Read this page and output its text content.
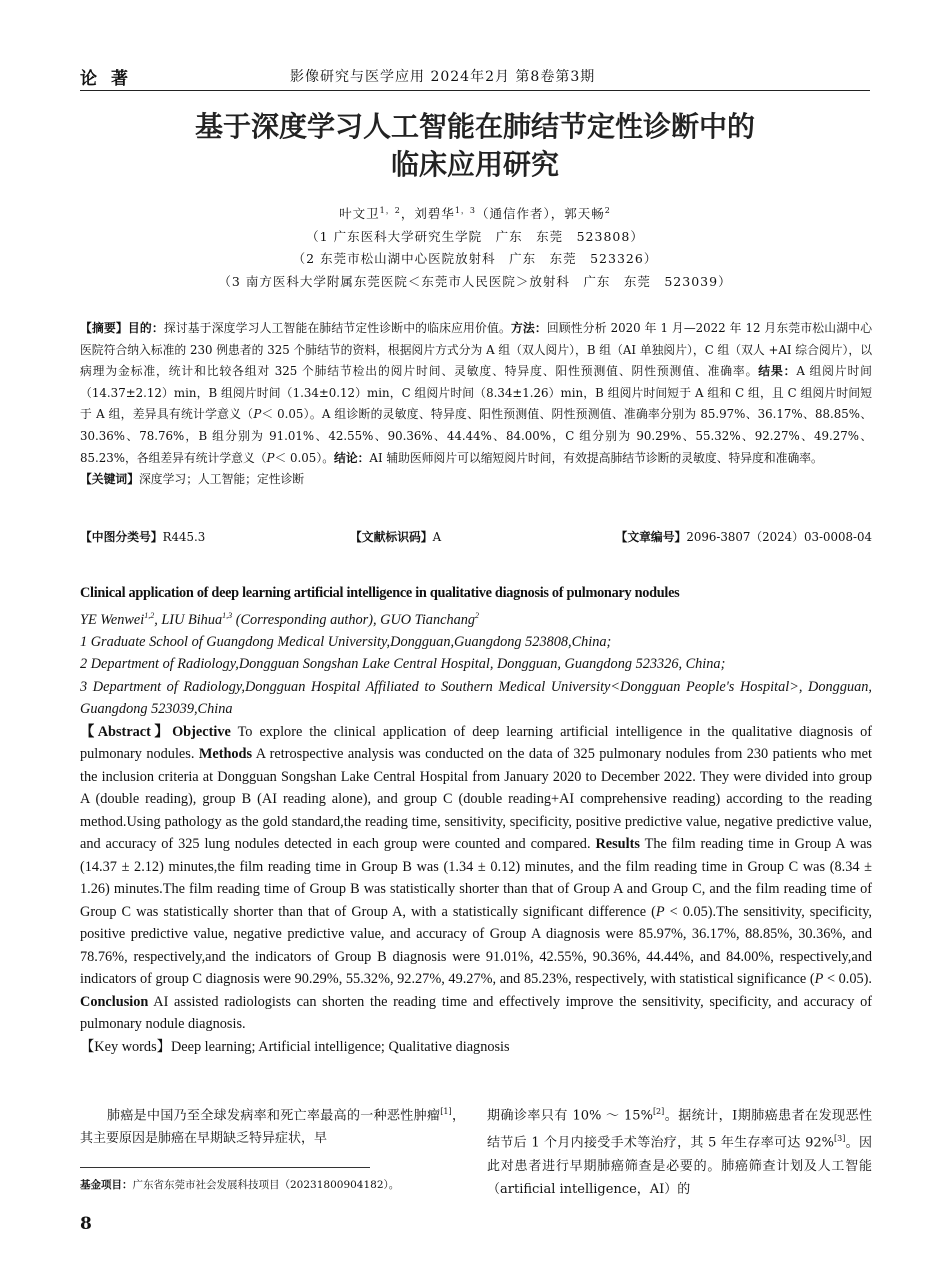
论著	影像研究与医学应用 2024年2月 第8卷第3期
基于深度学习人工智能在肺结节定性诊断中的
临床应用研究
叶文卫$^{1,2}$，刘碧华$^{1,3}$（通信作者），郭天畅$^2$
（1 广东医科大学研究生学院　广东　东莞　523808）
（2 东莞市松山湖中心医院放射科　广东　东莞　523326）
（3 南方医科大学附属东莞医院＜东莞市人民医院＞放射科　广东　东莞　523039）

【摘要】目的：探讨基于深度学习人工智能在肺结节定性诊断中的临床应用价值。方法：回顾性分析 2020 年 1 月—2022 年 12 月东莞市松山湖中心医院符合纳入标准的 230 例患者的 325 个肺结节的资料，根据阅片方式分为 A 组（双人阅片），B 组（AI 单独阅片），C 组（双人 +AI 综合阅片），以病理为金标准，统计和比较各组对 325 个肺结节检出的阅片时间、灵敏度、特异度、阳性预测值、阴性预测值、准确率。结果：A 组阅片时间（14.37±2.12）min，B 组阅片时间（1.34±0.12）min，C 组阅片时间（8.34±1.26）min，B 组阅片时间短于 A 组和 C 组，且 C 组阅片时间短于 A 组，差异具有统计学意义（P＜ 0.05）。A 组诊断的灵敏度、特异度、阳性预测值、阴性预测值、准确率分别为 85.97%、36.17%、88.85%、30.36%、78.76%，B 组分别为 91.01%、42.55%、90.36%、44.44%、84.00%，C 组分别为 90.29%、55.32%、92.27%、49.27%、85.23%，各组差异有统计学意义（P＜ 0.05）。结论：AI 辅助医师阅片可以缩短阅片时间，有效提高肺结节诊断的灵敏度、特异度和准确率。

【关键词】深度学习；人工智能；定性诊断

【中图分类号】R445.3	【文献标识码】A	【文章编号】2096-3807（2024）03-0008-04

Clinical application of deep learning artificial intelligence in qualitative diagnosis of pulmonary nodules

YE Wenwei$^{1,2}$, LIU Bihua$^{1,3}$ (Corresponding author), GUO Tianchang$^2$

1 Graduate School of Guangdong Medical University,Dongguan,Guangdong 523808,China;

2 Department of Radiology,Dongguan Songshan Lake Central Hospital, Dongguan, Guangdong 523326, China;

3 Department of Radiology,Dongguan Hospital Affiliated to Southern Medical University<Dongguan People's Hospital>, Dongguan, Guangdong 523039,China

【Abstract】Objective To explore the clinical application of deep learning artificial intelligence in the qualitative diagnosis of pulmonary nodules. Methods A retrospective analysis was conducted on the data of 325 pulmonary nodules from 230 patients who met the inclusion criteria at Dongguan Songshan Lake Central Hospital from January 2020 to December 2022. They were divided into group A (double reading), group B (AI reading alone), and group C (double reading+AI comprehensive reading) according to the reading method.Using pathology as the gold standard,the reading time, sensitivity, specificity, positive predictive value, negative predictive value, and accuracy of 325 lung nodules detected in each group were counted and compared. Results The film reading time in Group A was (14.37 ± 2.12) minutes,the film reading time in Group B was (1.34 ± 0.12) minutes, and the film reading time in Group C was (8.34 ± 1.26) minutes.The film reading time of Group B was statistically shorter than that of Group A and Group C, and the film reading time of Group C was statistically shorter than that of Group A, with a statistically significant difference (P < 0.05).The sensitivity, specificity, positive predictive value, negative predictive value, and accuracy of Group A diagnosis were 85.97%, 36.17%, 88.85%, 30.36%, and 78.76%, respectively,and the indicators of Group B diagnosis were 91.01%, 42.55%, 90.36%, 44.44%, and 84.00%, respectively,and indicators of group C diagnosis were 90.29%, 55.32%, 92.27%, 49.27%, and 85.23%, respectively, with statistical significance (P < 0.05). Conclusion AI assisted radiologists can shorten the reading time and effectively improve the sensitivity, specificity, and accuracy of pulmonary nodule diagnosis.

【Key words】Deep learning; Artificial intelligence; Qualitative diagnosis

肺癌是中国乃至全球发病率和死亡率最高的一种恶性肿瘤[1]，其主要原因是肺癌在早期缺乏特异症状，早
期确诊率只有 10% ～ 15%[2]。据统计，Ⅰ期肺癌患者在发现恶性结节后 1 个月内接受手术等治疗，其 5 年生存率可达 92%[3]。因此对患者进行早期肺癌筛查是必要的。肺癌筛查计划及人工智能（artificial intelligence，AI）的
基金项目：广东省东莞市社会发展科技项目（20231800904182）。
8
